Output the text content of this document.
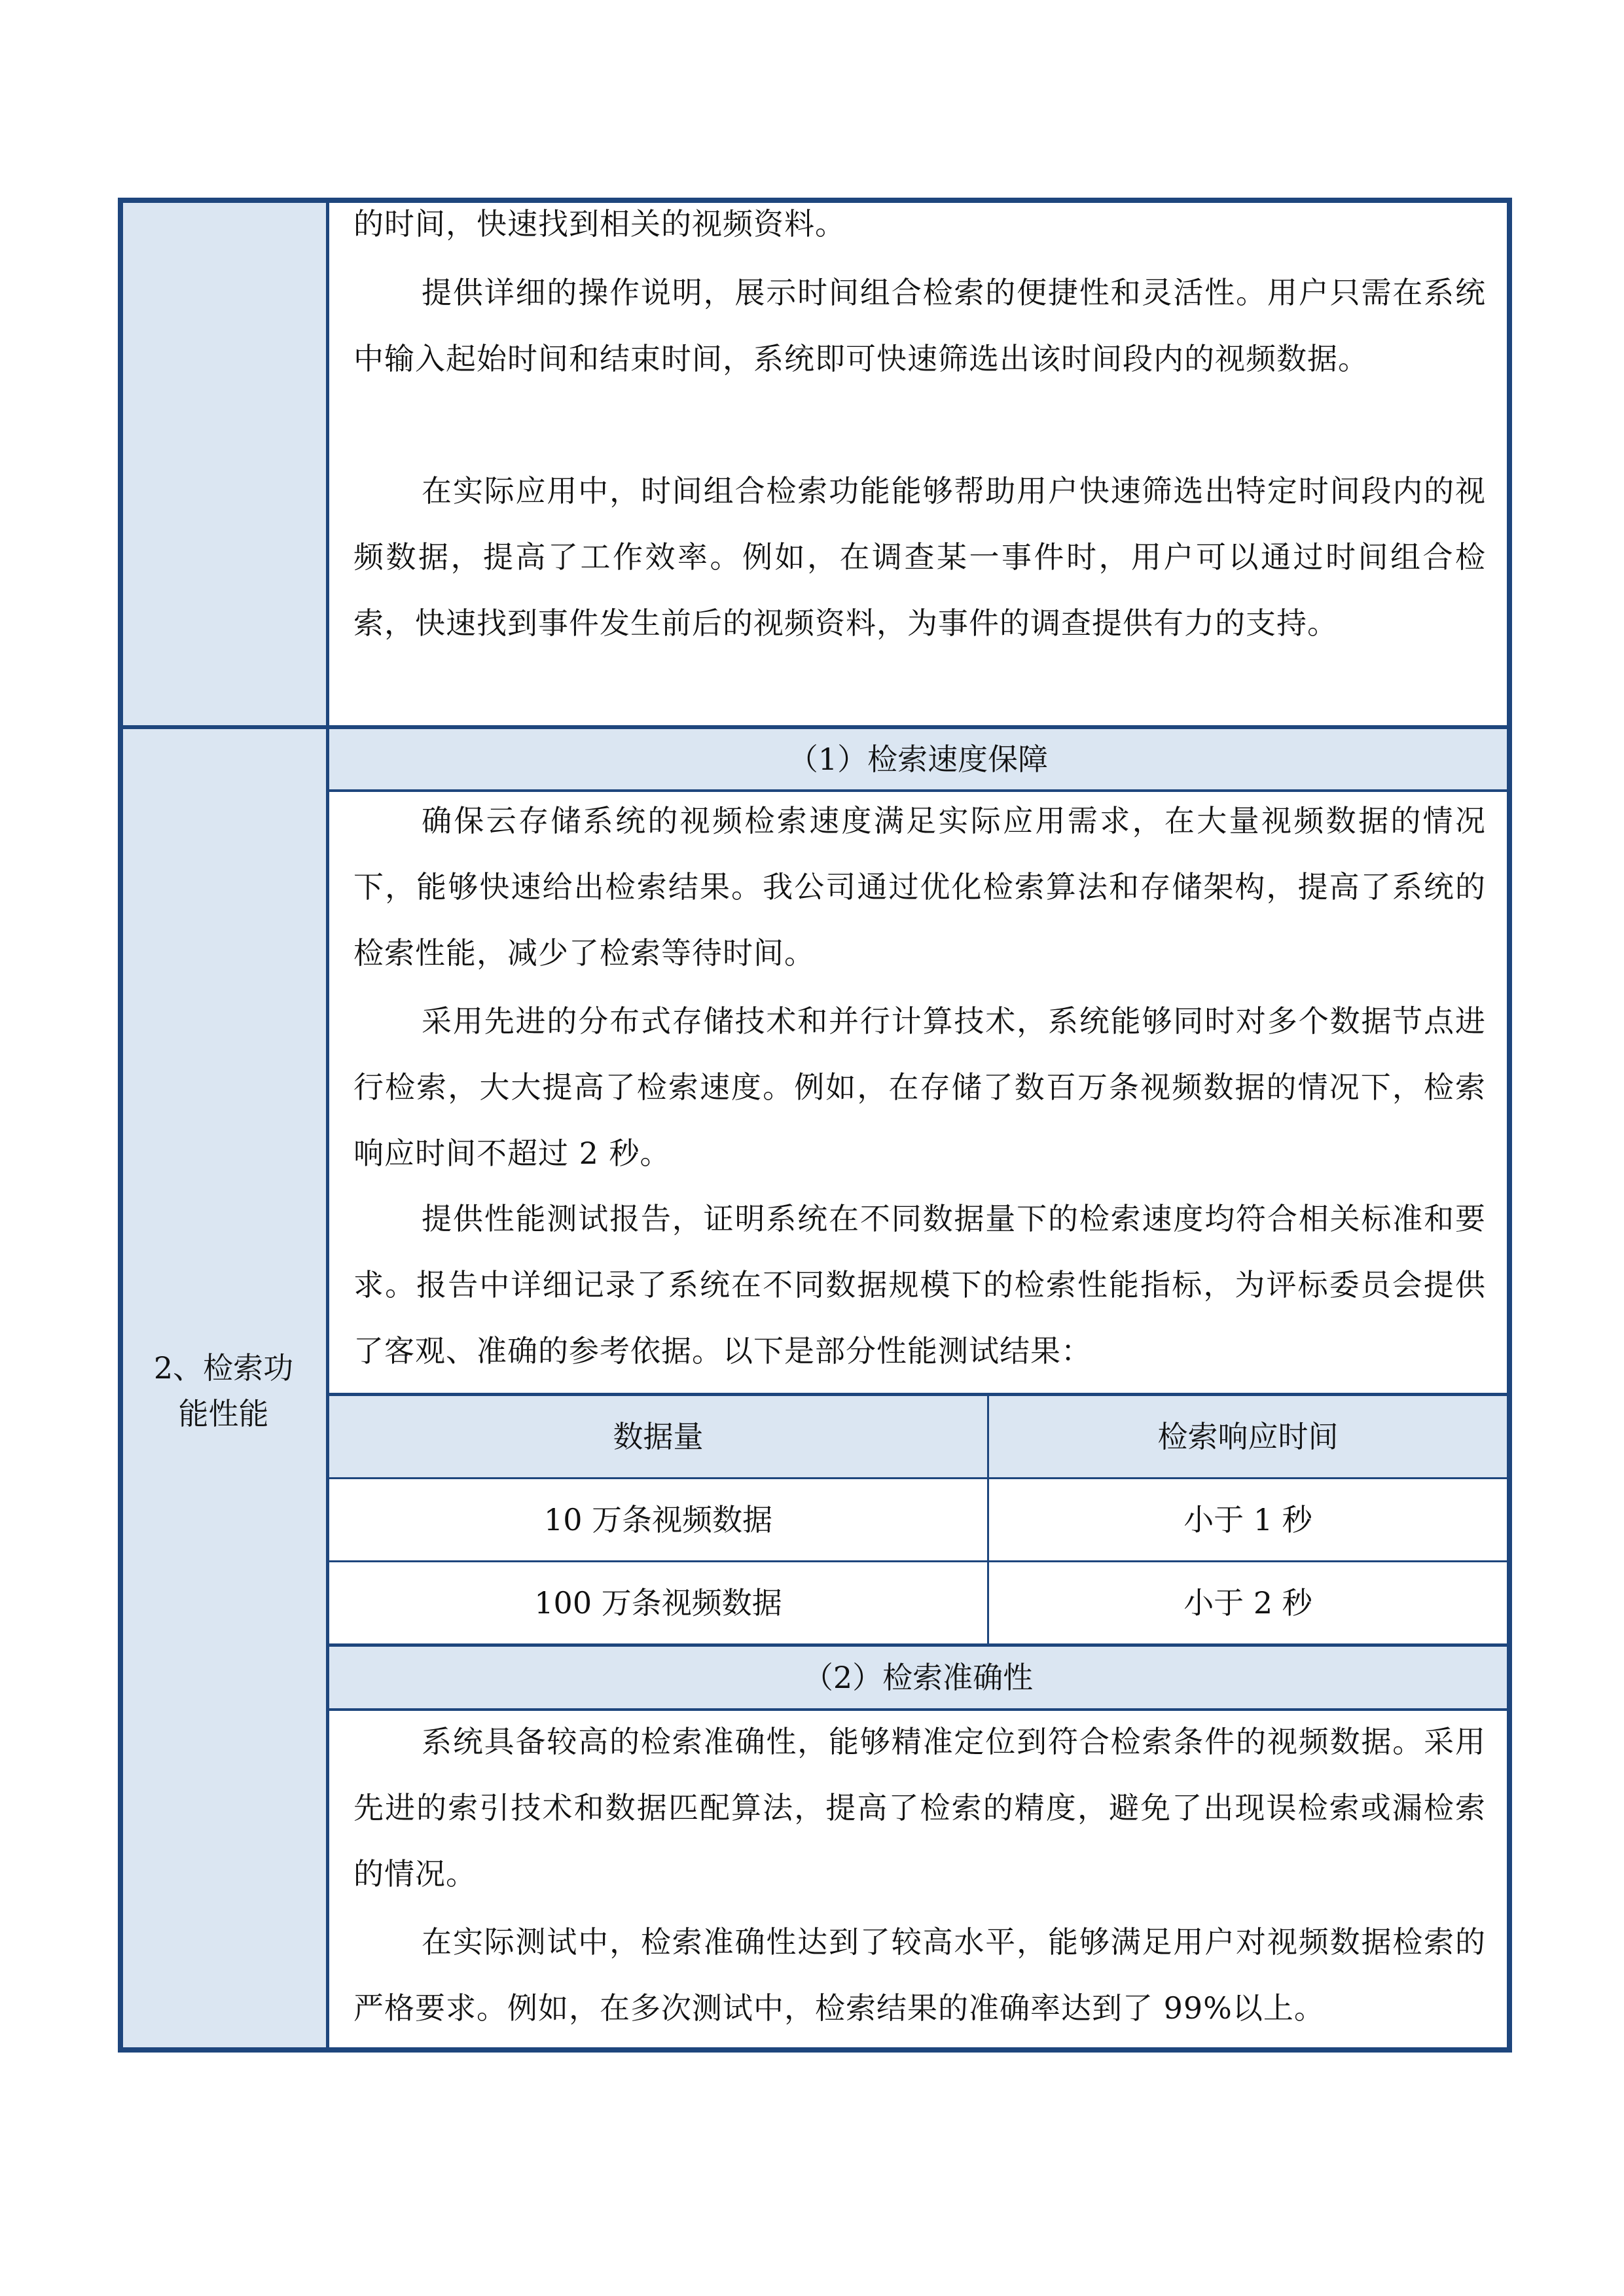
的时间，快速找到相关的视频资料。

提供详细的操作说明，展示时间组合检索的便捷性和灵活性。用户只需在系统中输入起始时间和结束时间，系统即可快速筛选出该时间段内的视频数据。

在实际应用中，时间组合检索功能能够帮助用户快速筛选出特定时间段内的视频数据，提高了工作效率。例如，在调查某一事件时，用户可以通过时间组合检索，快速找到事件发生前后的视频资料，为事件的调查提供有力的支持。

2、检索功
能性能
（1）检索速度保障

确保云存储系统的视频检索速度满足实际应用需求，在大量视频数据的情况下，能够快速给出检索结果。我公司通过优化检索算法和存储架构，提高了系统的检索性能，减少了检索等待时间。

采用先进的分布式存储技术和并行计算技术，系统能够同时对多个数据节点进行检索，大大提高了检索速度。例如，在存储了数百万条视频数据的情况下，检索响应时间不超过 2 秒。

提供性能测试报告，证明系统在不同数据量下的检索速度均符合相关标准和要求。报告中详细记录了系统在不同数据规模下的检索性能指标，为评标委员会提供了客观、准确的参考依据。以下是部分性能测试结果：

数据量	检索响应时间
10 万条视频数据	小于 1 秒
100 万条视频数据	小于 2 秒
（2）检索准确性

系统具备较高的检索准确性，能够精准定位到符合检索条件的视频数据。采用先进的索引技术和数据匹配算法，提高了检索的精度，避免了出现误检索或漏检索的情况。

在实际测试中，检索准确性达到了较高水平，能够满足用户对视频数据检索的严格要求。例如，在多次测试中，检索结果的准确率达到了 99%以上。
